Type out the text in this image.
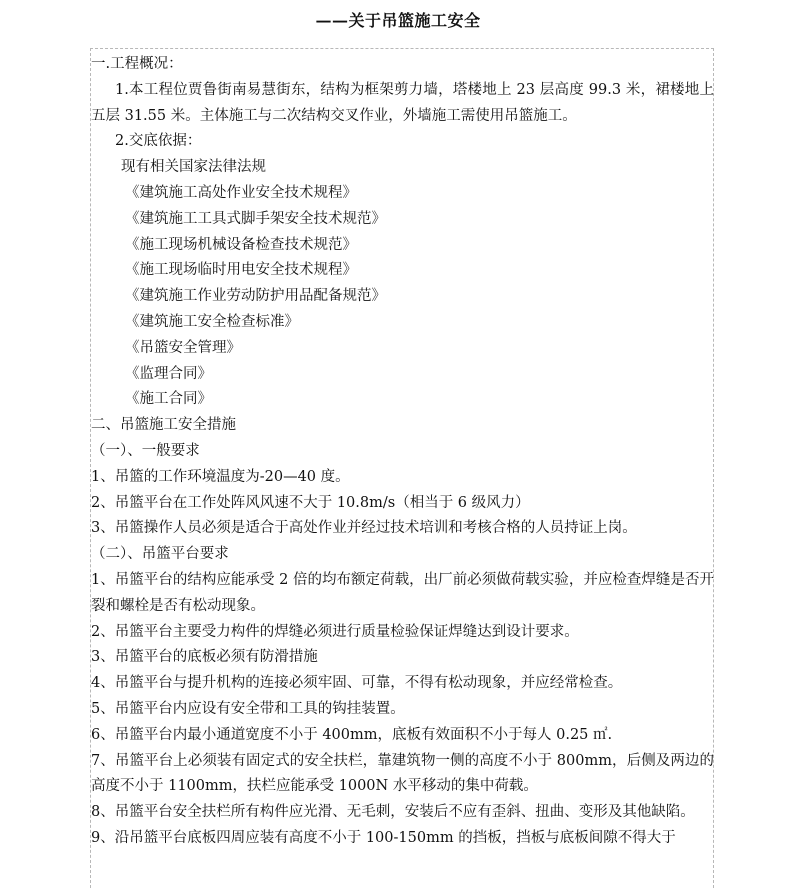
——关于吊篮施工安全

一.工程概况：

1.本工程位贾鲁街南易慧街东，结构为框架剪力墙，塔楼地上 23 层高度 99.3 米，裙楼地上五层 31.55 米。主体施工与二次结构交叉作业，外墙施工需使用吊篮施工。

2.交底依据：

现有相关国家法律法规

《建筑施工高处作业安全技术规程》

《建筑施工工具式脚手架安全技术规范》

《施工现场机械设备检查技术规范》

《施工现场临时用电安全技术规程》

《建筑施工作业劳动防护用品配备规范》

《建筑施工安全检查标准》

《吊篮安全管理》

《监理合同》

《施工合同》

二、吊篮施工安全措施

（一）、一般要求

1、吊篮的工作环境温度为-20—40 度。

2、吊篮平台在工作处阵风风速不大于 10.8m/s（相当于 6 级风力）

3、吊篮操作人员必须是适合于高处作业并经过技术培训和考核合格的人员持证上岗。

（二）、吊篮平台要求

1、吊篮平台的结构应能承受 2 倍的均布额定荷载，出厂前必须做荷载实验，并应检查焊缝是否开裂和螺栓是否有松动现象。

2、吊篮平台主要受力构件的焊缝必须进行质量检验保证焊缝达到设计要求。

3、吊篮平台的底板必须有防滑措施

4、吊篮平台与提升机构的连接必须牢固、可靠，不得有松动现象，并应经常检查。

5、吊篮平台内应设有安全带和工具的钩挂装置。

6、吊篮平台内最小通道宽度不小于 400mm，底板有效面积不小于每人 0.25 ㎡.

7、吊篮平台上必须装有固定式的安全扶栏，靠建筑物一侧的高度不小于 800mm，后侧及两边的高度不小于 1100mm，扶栏应能承受 1000N 水平移动的集中荷载。

8、吊篮平台安全扶栏所有构件应光滑、无毛刺，安装后不应有歪斜、扭曲、变形及其他缺陷。

9、沿吊篮平台底板四周应装有高度不小于 100-150mm 的挡板，挡板与底板间隙不得大于
